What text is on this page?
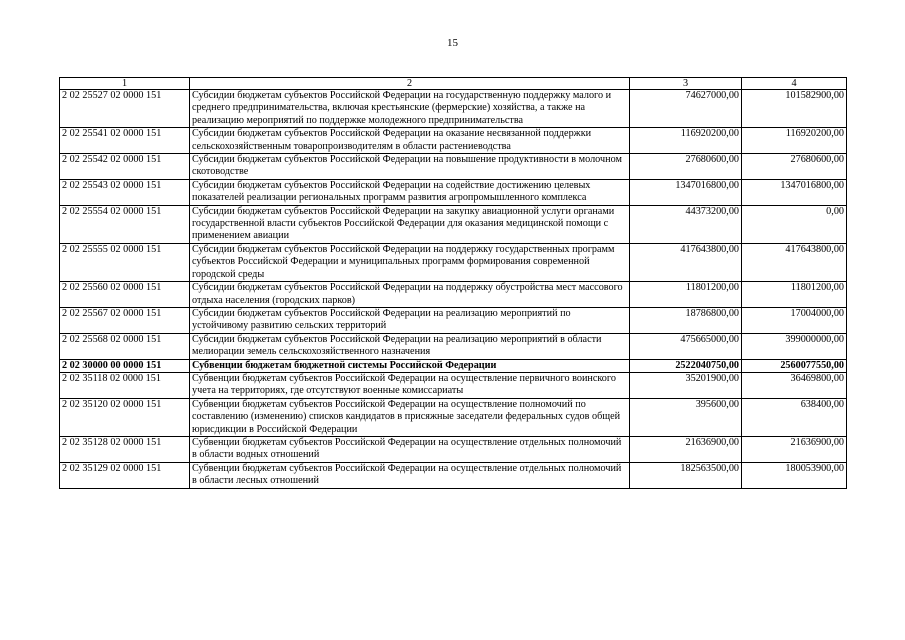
15
1	2	3	4
2 02 25527 02 0000 151	Субсидии бюджетам субъектов Российской Федерации на государственную поддержку малого и среднего предпринимательства, включая крестьянские (фермерские) хозяйства, а также на реализацию мероприятий по поддержке молодежного предпринимательства	74627000,00	101582900,00
2 02 25541 02 0000 151	Субсидии бюджетам субъектов Российской Федерации на оказание несвязанной поддержки сельскохозяйственным товаропроизводителям в области растениеводства	116920200,00	116920200,00
2 02 25542 02 0000 151	Субсидии бюджетам субъектов Российской Федерации на повышение продуктивности в молочном скотоводстве	27680600,00	27680600,00
2 02 25543 02 0000 151	Субсидии бюджетам субъектов Российской Федерации на содействие достижению целевых показателей реализации региональных программ развития агропромышленного комплекса	1347016800,00	1347016800,00
2 02 25554 02 0000 151	Субсидии бюджетам субъектов Российской Федерации на закупку авиационной услуги органами государственной власти субъектов Российской Федерации для оказания медицинской помощи с применением авиации	44373200,00	0,00
2 02 25555 02 0000 151	Субсидии бюджетам субъектов Российской Федерации на поддержку государственных программ субъектов Российской Федерации и муниципальных программ формирования современной городской среды	417643800,00	417643800,00
2 02 25560 02 0000 151	Субсидии бюджетам субъектов Российской Федерации на поддержку обустройства мест массового отдыха населения (городских парков)	11801200,00	11801200,00
2 02 25567 02 0000 151	Субсидии бюджетам субъектов Российской Федерации на реализацию мероприятий по устойчивому развитию сельских территорий	18786800,00	17004000,00
2 02 25568 02 0000 151	Субсидии бюджетам субъектов Российской Федерации на реализацию мероприятий в области мелиорации земель сельскохозяйственного назначения	475665000,00	399000000,00
2 02 30000 00 0000 151	Субвенции бюджетам бюджетной системы Российской Федерации	2522040750,00	2560077550,00
2 02 35118 02 0000 151	Субвенции бюджетам субъектов Российской Федерации на осуществление первичного воинского учета на территориях, где отсутствуют военные комиссариаты	35201900,00	36469800,00
2 02 35120 02 0000 151	Субвенции бюджетам субъектов Российской Федерации на осуществление полномочий по составлению (изменению) списков кандидатов в присяжные заседатели федеральных судов общей юрисдикции в Российской Федерации	395600,00	638400,00
2 02 35128 02 0000 151	Субвенции бюджетам субъектов Российской Федерации на осуществление отдельных полномочий в области водных отношений	21636900,00	21636900,00
2 02 35129 02 0000 151	Субвенции бюджетам субъектов Российской Федерации на осуществление отдельных полномочий в области лесных отношений	182563500,00	180053900,00
